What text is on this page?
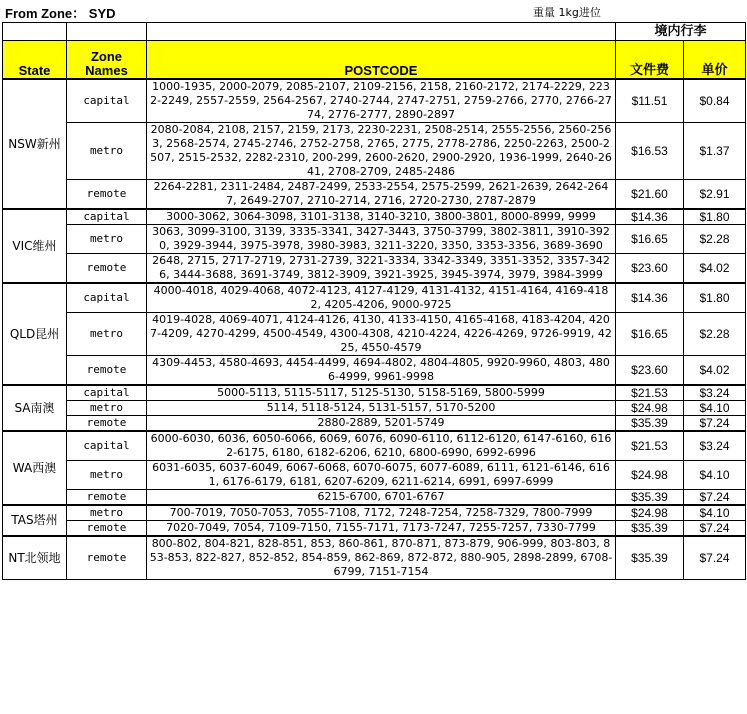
From Zone： SYD	重量 1kg进位
			境内行李	
State	Zone Names	POSTCODE	文件费	单价
NSW新州	capital	1000-1935, 2000-2079, 2085-2107, 2109-2156, 2158, 2160-2172, 2174-2229, 2232-2249, 2557-2559, 2564-2567, 2740-2744, 2747-2751, 2759-2766, 2770, 2766-2774, 2776-2777, 2890-2897	$11.51	$0.84
	metro	2080-2084, 2108, 2157, 2159, 2173, 2230-2231, 2508-2514, 2555-2556, 2560-2563, 2568-2574, 2745-2746, 2752-2758, 2765, 2775, 2778-2786, 2250-2263, 2500-2507, 2515-2532, 2282-2310, 200-299, 2600-2620, 2900-2920, 1936-1999, 2640-2641, 2708-2709, 2485-2486	$16.53	$1.37
	remote	2264-2281, 2311-2484, 2487-2499, 2533-2554, 2575-2599, 2621-2639, 2642-2647, 2649-2707, 2710-2714, 2716, 2720-2730, 2787-2879	$21.60	$2.91
VIC维州	capital	3000-3062, 3064-3098, 3101-3138, 3140-3210, 3800-3801, 8000-8999, 9999	$14.36	$1.80
	metro	3063, 3099-3100, 3139, 3335-3341, 3427-3443, 3750-3799, 3802-3811, 3910-3920, 3929-3944, 3975-3978, 3980-3983, 3211-3220, 3350, 3353-3356, 3689-3690	$16.65	$2.28
	remote	2648, 2715, 2717-2719, 2731-2739, 3221-3334, 3342-3349, 3351-3352, 3357-3426, 3444-3688, 3691-3749, 3812-3909, 3921-3925, 3945-3974, 3979, 3984-3999	$23.60	$4.02
QLD昆州	capital	4000-4018, 4029-4068, 4072-4123, 4127-4129, 4131-4132, 4151-4164, 4169-4182, 4205-4206, 9000-9725	$14.36	$1.80
	metro	4019-4028, 4069-4071, 4124-4126, 4130, 4133-4150, 4165-4168, 4183-4204, 4207-4209, 4270-4299, 4500-4549, 4300-4308, 4210-4224, 4226-4269, 9726-9919, 4225, 4550-4579	$16.65	$2.28
	remote	4309-4453, 4580-4693, 4454-4499, 4694-4802, 4804-4805, 9920-9960, 4803, 4806-4999, 9961-9998	$23.60	$4.02
SA南澳	capital	5000-5113, 5115-5117, 5125-5130, 5158-5169, 5800-5999	$21.53	$3.24
	metro	5114, 5118-5124, 5131-5157, 5170-5200	$24.98	$4.10
	remote	2880-2889, 5201-5749	$35.39	$7.24
WA西澳	capital	6000-6030, 6036, 6050-6066, 6069, 6076, 6090-6110, 6112-6120, 6147-6160, 6162-6175, 6180, 6182-6206, 6210, 6800-6990, 6992-6996	$21.53	$3.24
	metro	6031-6035, 6037-6049, 6067-6068, 6070-6075, 6077-6089, 6111, 6121-6146, 6161, 6176-6179, 6181, 6207-6209, 6211-6214, 6991, 6997-6999	$24.98	$4.10
	remote	6215-6700, 6701-6767	$35.39	$7.24
TAS塔州	metro	700-7019, 7050-7053, 7055-7108, 7172, 7248-7254, 7258-7329, 7800-7999	$24.98	$4.10
	remote	7020-7049, 7054, 7109-7150, 7155-7171, 7173-7247, 7255-7257, 7330-7799	$35.39	$7.24
NT北领地	remote	800-802, 804-821, 828-851, 853, 860-861, 870-871, 873-879, 906-999, 803-803, 853-853, 822-827, 852-852, 854-859, 862-869, 872-872, 880-905, 2898-2899, 6708-6799, 7151-7154	$35.39	$7.24
